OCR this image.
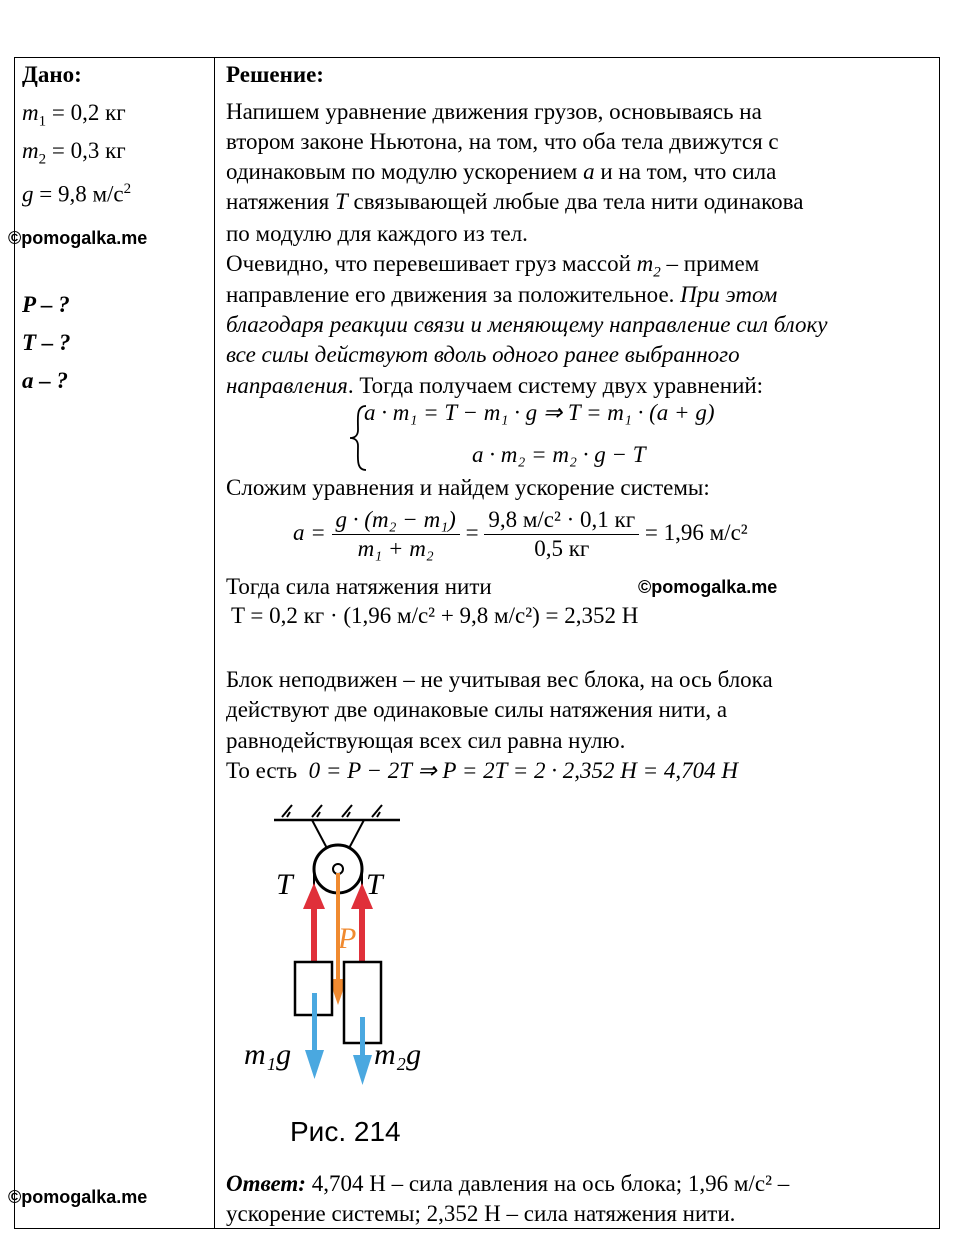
Дано:
$m_1 = 0,2$ кг
$m_2 = 0,3$ кг
g = 9,8 $м/с^2$
©pomogalka.me
P – ?
T – ?
a – ?
©pomogalka.me
Решение:
Напишем уравнение движения грузов, основываясь на
втором законе Ньютона, на том, что оба тела движутся с
одинаковым по модулю ускорением a и на том, что сила
натяжения T связывающей любые два тела нити одинакова
по модулю для каждого из тел.
Очевидно, что перевешивает груз массой $m_2$ – примем
направление его движения за положительное. При этом
благодаря реакции связи и меняющему направление сил блоку
все силы действуют вдоль одного ранее выбранного
направления. Тогда получаем систему двух уравнений:
a · m₁ = T − m₁ · g ⇒ T = m₁ · (a + g)
a · m₂ = m₂ · g − T
Сложим уравнения и найдем ускорение системы:
$a = \frac{\text{g · (m₂ − m₁)}}{\text{m₁ + m₂}} = \frac{\text{9,8 м/с² · 0,1 кг}}{0,5 кг} = 1,96$ м/с²
Тогда сила натяжения нити	©pomogalka.me
T = 0,2 кг · (1,96 м/с² + 9,8 м/с²) = 2,352 Н
Блок неподвижен – не учитывая вес блока, на ось блока
действуют две одинаковые силы натяжения нити, а
равнодействующая всех сил равна нулю.
То есть 0 = P − 2T ⇒ P = 2T = 2 · 2,352 Н = 4,704 Н
T T
P
m₁g	m₂g
Рис. 214
Ответ: 4,704 Н – сила давления на ось блока; 1,96 м/с² –
ускорение системы; 2,352 Н – сила натяжения нити.
